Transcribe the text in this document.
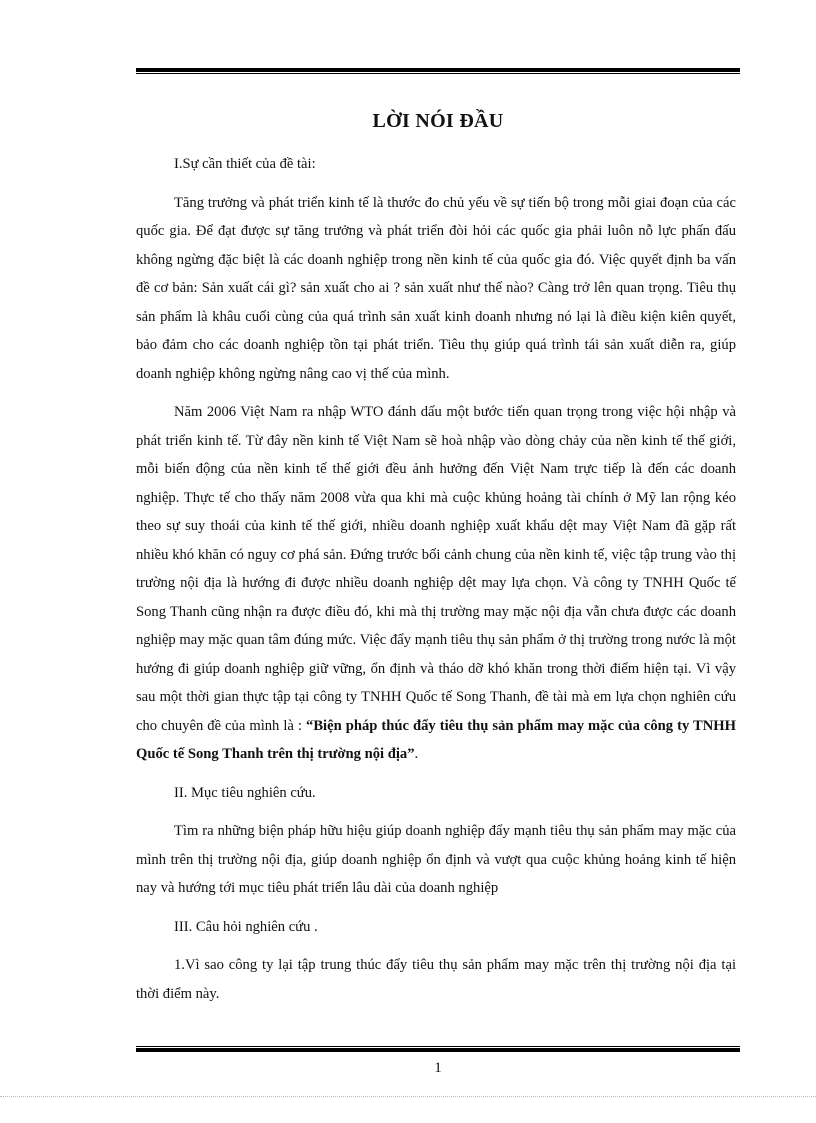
LỜI NÓI ĐẦU

I.Sự cần thiết của đề tài:

Tăng trưởng và phát triển kinh tế là thước đo chủ yếu về sự tiến bộ trong mỗi giai đoạn của các quốc gia. Để đạt được sự tăng trưởng và phát triển đòi hỏi các quốc gia phải luôn nỗ lực phấn đấu không ngừng đặc biệt là các doanh nghiệp trong nền kinh tế của quốc gia đó. Việc quyết định ba vấn đề cơ bản: Sản xuất cái gì? sản xuất cho ai ? sản xuất như thế nào? Càng trở lên quan trọng. Tiêu thụ sản phẩm là khâu cuối cùng của quá trình sản xuất kinh doanh nhưng nó lại là điều kiện kiên quyết, bảo đảm cho các doanh nghiệp tồn tại phát triển. Tiêu thụ giúp quá trình tái sản xuất diễn ra, giúp doanh nghiệp không ngừng nâng cao vị thế của mình.

Năm 2006 Việt Nam ra nhập WTO đánh dấu một bước tiến quan trọng trong việc hội nhập và phát triển kinh tế. Từ đây nền kinh tế Việt Nam sẽ hoà nhập vào dòng chảy của nền kinh tế thế giới, mỗi biến động của nền kinh tế thế giới đều ảnh hưởng đến Việt Nam trực tiếp là đến các doanh nghiệp. Thực tế cho thấy năm 2008 vừa qua khi mà cuộc khủng hoảng tài chính ở Mỹ lan rộng kéo theo sự suy thoái của kinh tế thế giới, nhiều doanh nghiệp xuất khẩu dệt may Việt Nam đã gặp rất nhiều khó khăn có nguy cơ phá sản. Đứng trước bối cảnh chung của nền kinh tế, việc tập trung vào thị trường nội địa là hướng đi được nhiều doanh nghiệp dệt may lựa chọn. Và công ty TNHH Quốc tế Song Thanh cũng nhận ra được điều đó, khi mà thị trường may mặc nội địa vẫn chưa được các doanh nghiệp may mặc quan tâm đúng mức. Việc đẩy mạnh tiêu thụ sản phẩm ở thị trường trong nước là một hướng đi giúp doanh nghiệp giữ vững, ổn định và tháo dỡ khó khăn trong thời điểm hiện tại. Vì vậy sau một thời gian thực tập tại công ty TNHH Quốc tế Song Thanh, đề tài mà em lựa chọn nghiên cứu cho chuyên đề của mình là : “Biện pháp thúc đẩy tiêu thụ sản phẩm may mặc của công ty TNHH Quốc tế Song Thanh trên thị trường nội địa”.

II. Mục tiêu nghiên cứu.

Tìm ra những biện pháp hữu hiệu giúp doanh nghiệp đẩy mạnh tiêu thụ sản phẩm may mặc của mình trên thị trường nội địa, giúp doanh nghiệp ổn định và vượt qua cuộc khủng hoảng kinh tế hiện nay và hướng tới mục tiêu phát triển lâu dài của doanh nghiệp

III. Câu hỏi nghiên cứu .

1.Vì sao công ty lại tập trung thúc đẩy tiêu thụ sản phẩm may mặc trên thị trường nội địa tại thời điểm này.

1
